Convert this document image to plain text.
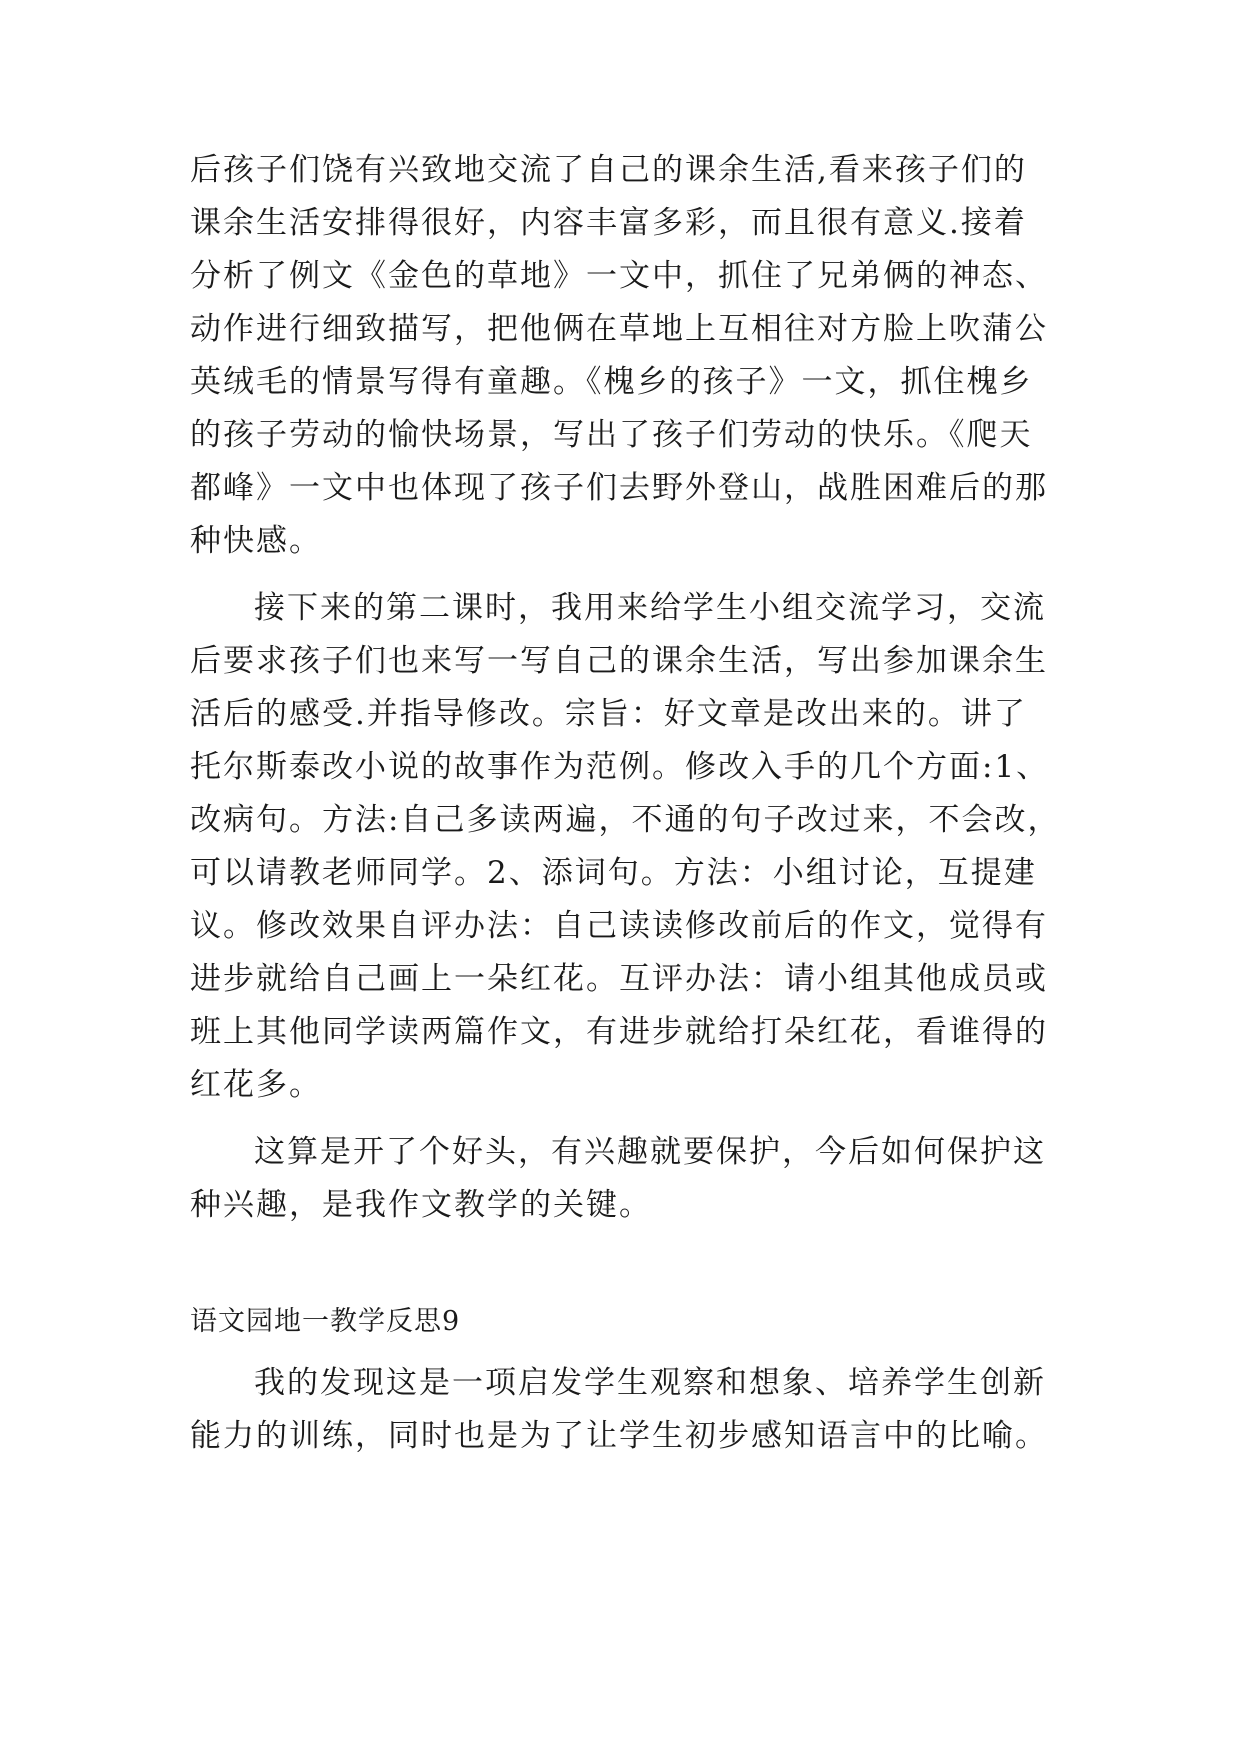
后孩子们饶有兴致地交流了自己的课余生活,看来孩子们的
课余生活安排得很好，内容丰富多彩，而且很有意义.接着
分析了例文《金色的草地》一文中，抓住了兄弟俩的神态、
动作进行细致描写，把他俩在草地上互相往对方脸上吹蒲公
英绒毛的情景写得有童趣。《槐乡的孩子》一文，抓住槐乡
的孩子劳动的愉快场景，写出了孩子们劳动的快乐。《爬天
都峰》一文中也体现了孩子们去野外登山，战胜困难后的那
种快感。
接下来的第二课时，我用来给学生小组交流学习，交流
后要求孩子们也来写一写自己的课余生活，写出参加课余生
活后的感受.并指导修改。宗旨：好文章是改出来的。讲了
托尔斯泰改小说的故事作为范例。修改入手的几个方面:1、
改病句。方法:自己多读两遍，不通的句子改过来，不会改，
可以请教老师同学。2、添词句。方法：小组讨论，互提建
议。修改效果自评办法：自己读读修改前后的作文，觉得有
进步就给自己画上一朵红花。互评办法：请小组其他成员或
班上其他同学读两篇作文，有进步就给打朵红花，看谁得的
红花多。
这算是开了个好头，有兴趣就要保护，今后如何保护这
种兴趣，是我作文教学的关键。
语文园地一教学反思9
我的发现这是一项启发学生观察和想象、培养学生创新
能力的训练，同时也是为了让学生初步感知语言中的比喻。
